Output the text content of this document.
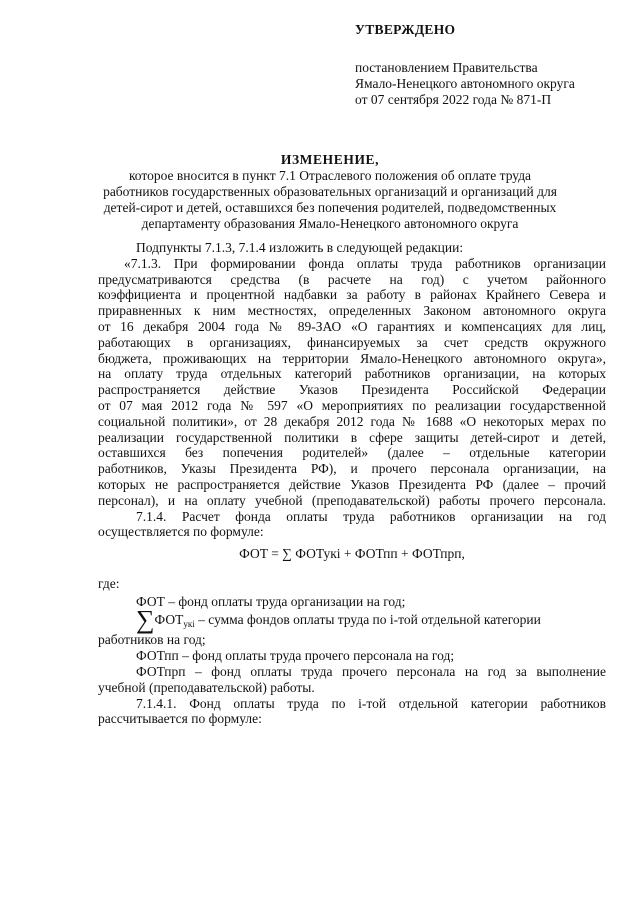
УТВЕРЖДЕНО
постановлением Правительства
Ямало-Ненецкого автономного округа
от 07 сентября 2022 года № 871-П
ИЗМЕНЕНИЕ,
которое вносится в пункт 7.1 Отраслевого положения об оплате труда
работников государственных образовательных организаций и организаций для
детей-сирот и детей, оставшихся без попечения родителей, подведомственных
департаменту образования Ямало-Ненецкого автономного округа

Подпункты 7.1.3, 7.1.4 изложить в следующей редакции:

«7.1.3. При формировании фонда оплаты труда работников организации
предусматриваются средства (в расчете на год) с учетом районного
коэффициента и процентной надбавки за работу в районах Крайнего Севера и
приравненных к ним местностях, определенных Законом автономного округа
от 16 декабря 2004 года № 89-ЗАО «О гарантиях и компенсациях для лиц,
работающих в организациях, финансируемых за счет средств окружного
бюджета, проживающих на территории Ямало-Ненецкого автономного округа»,
на оплату труда отдельных категорий работников организации, на которых
распространяется действие Указов Президента Российской Федерации
от 07 мая 2012 года № 597 «О мероприятиях по реализации государственной
социальной политики», от 28 декабря 2012 года № 1688 «О некоторых мерах по
реализации государственной политики в сфере защиты детей-сирот и детей,
оставшихся без попечения родителей» (далее – отдельные категории
работников, Указы Президента РФ), и прочего персонала организации, на
которых не распространяется действие Указов Президента РФ (далее – прочий
персонал), и на оплату учебной (преподавательской) работы прочего персонала.
7.1.4. Расчет фонда оплаты труда работников организации на год
осуществляется по формуле:
ФОТ = ∑ ФОТукі + ФОТпп + ФОТпрп,
где:
ФОТ – фонд оплаты труда организации на год;
$\sum ФОТ_{укі}$ – сумма фондов оплаты труда по і-той отдельной категории
работников на год;
ФОТпп – фонд оплаты труда прочего персонала на год;
ФОТпрп – фонд оплаты труда прочего персонала на год за выполнение
учебной (преподавательской) работы.
7.1.4.1. Фонд оплаты труда по і-той отдельной категории работников
рассчитывается по формуле:
